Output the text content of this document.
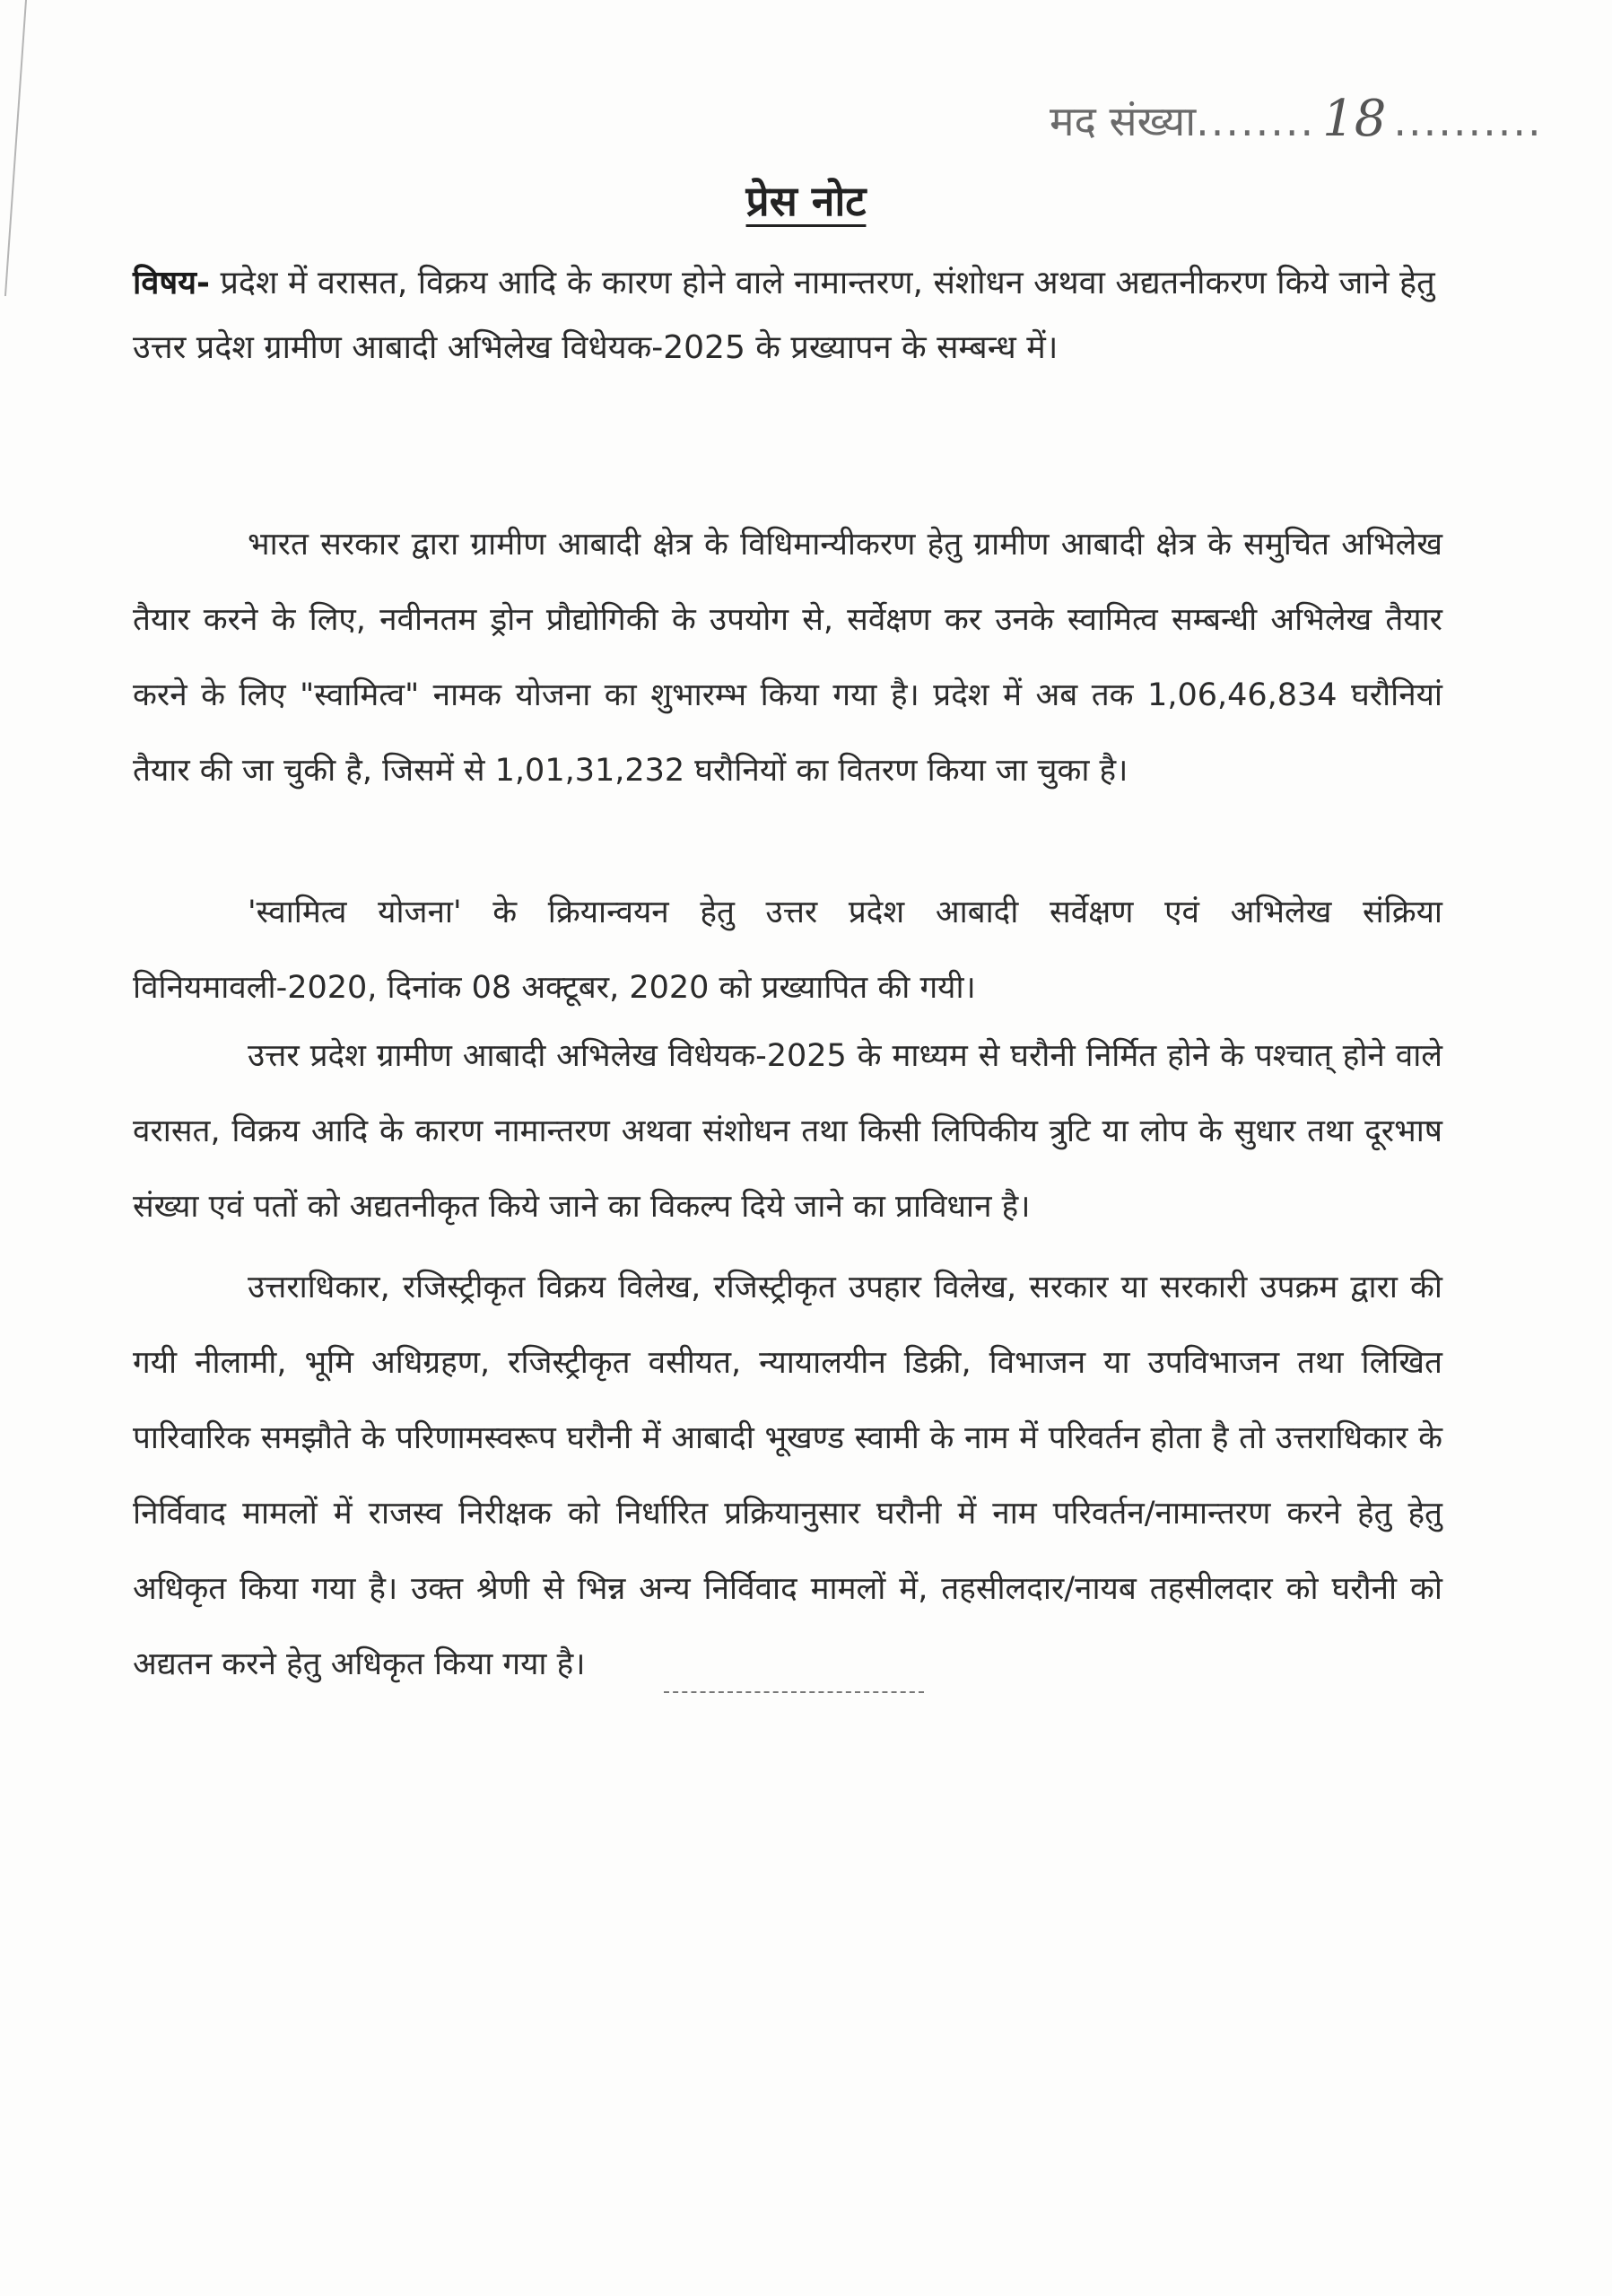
मद संख्या........ 18 ..........
प्रेस नोट
विषय- प्रदेश में वरासत, विक्रय आदि के कारण होने वाले नामान्तरण, संशोधन अथवा अद्यतनीकरण किये जाने हेतु उत्तर प्रदेश ग्रामीण आबादी अभिलेख विधेयक-2025 के प्रख्यापन के सम्बन्ध में।

भारत सरकार द्वारा ग्रामीण आबादी क्षेत्र के विधिमान्यीकरण हेतु ग्रामीण आबादी क्षेत्र के समुचित अभिलेख तैयार करने के लिए, नवीनतम ड्रोन प्रौद्योगिकी के उपयोग से, सर्वेक्षण कर उनके स्वामित्व सम्बन्धी अभिलेख तैयार करने के लिए "स्वामित्व" नामक योजना का शुभारम्भ किया गया है। प्रदेश में अब तक 1,06,46,834 घरौनियां तैयार की जा चुकी है, जिसमें से 1,01,31,232 घरौनियों का वितरण किया जा चुका है।

'स्वामित्व योजना' के क्रियान्वयन हेतु उत्तर प्रदेश आबादी सर्वेक्षण एवं अभिलेख संक्रिया विनियमावली-2020, दिनांक 08 अक्टूबर, 2020 को प्रख्यापित की गयी।

उत्तर प्रदेश ग्रामीण आबादी अभिलेख विधेयक-2025 के माध्यम से घरौनी निर्मित होने के पश्चात् होने वाले वरासत, विक्रय आदि के कारण नामान्तरण अथवा संशोधन तथा किसी लिपिकीय त्रुटि या लोप के सुधार तथा दूरभाष संख्या एवं पतों को अद्यतनीकृत किये जाने का विकल्प दिये जाने का प्राविधान है।

उत्तराधिकार, रजिस्ट्रीकृत विक्रय विलेख, रजिस्ट्रीकृत उपहार विलेख, सरकार या सरकारी उपक्रम द्वारा की गयी नीलामी, भूमि अधिग्रहण, रजिस्ट्रीकृत वसीयत, न्यायालयीन डिक्री, विभाजन या उपविभाजन तथा लिखित पारिवारिक समझौते के परिणामस्वरूप घरौनी में आबादी भूखण्ड स्वामी के नाम में परिवर्तन होता है तो उत्तराधिकार के निर्विवाद मामलों में राजस्व निरीक्षक को निर्धारित प्रक्रियानुसार घरौनी में नाम परिवर्तन/नामान्तरण करने हेतु हेतु अधिकृत किया गया है। उक्त श्रेणी से भिन्न अन्य निर्विवाद मामलों में, तहसीलदार/नायब तहसीलदार को घरौनी को अद्यतन करने हेतु अधिकृत किया गया है।
